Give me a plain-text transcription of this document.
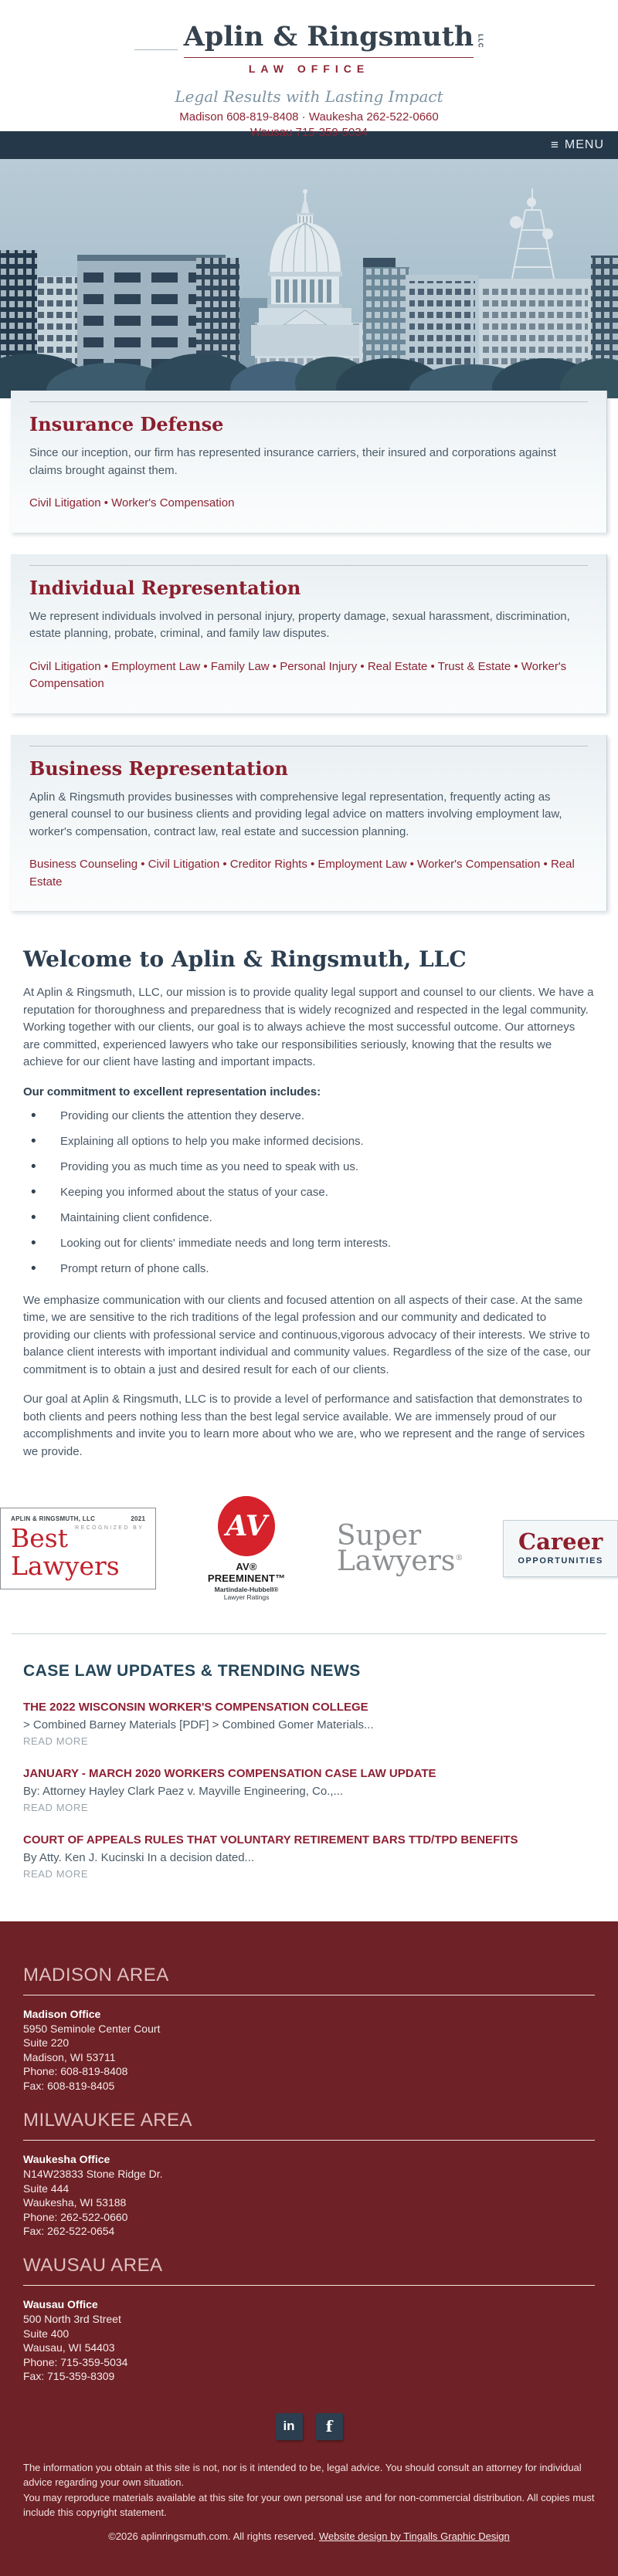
Aplin & Ringsmuth LLC
LAW OFFICE
Legal Results with Lasting Impact
Madison 608-819-8408 · Waukesha 262-522-0660
Wausau 715-359-5034
≡ MENU
Insurance Defense

Since our inception, our firm has represented insurance carriers, their insured and corporations against claims brought against them.

Civil Litigation • Worker's Compensation
Individual Representation

We represent individuals involved in personal injury, property damage, sexual harassment, discrimination, estate planning, probate, criminal, and family law disputes.

Civil Litigation • Employment Law • Family Law • Personal Injury • Real Estate • Trust & Estate • Worker's Compensation
Business Representation

Aplin & Ringsmuth provides businesses with comprehensive legal representation, frequently acting as general counsel to our business clients and providing legal advice on matters involving employment law, worker's compensation, contract law, real estate and succession planning.

Business Counseling • Civil Litigation • Creditor Rights • Employment Law • Worker's Compensation • Real Estate
Welcome to Aplin & Ringsmuth, LLC

At Aplin & Ringsmuth, LLC, our mission is to provide quality legal support and counsel to our clients. We have a reputation for thoroughness and preparedness that is widely recognized and respected in the legal community. Working together with our clients, our goal is to always achieve the most successful outcome. Our attorneys are committed, experienced lawyers who take our responsibilities seriously, knowing that the results we achieve for our client have lasting and important impacts.

Our commitment to excellent representation includes:
• Providing our clients the attention they deserve.
• Explaining all options to help you make informed decisions.
• Providing you as much time as you need to speak with us.
• Keeping you informed about the status of your case.
• Maintaining client confidence.
• Looking out for clients' immediate needs and long term interests.
• Prompt return of phone calls.

We emphasize communication with our clients and focused attention on all aspects of their case. At the same time, we are sensitive to the rich traditions of the legal profession and our community and dedicated to providing our clients with professional service and continuous,vigorous advocacy of their interests. We strive to balance client interests with important individual and community values. Regardless of the size of the case, our commitment is to obtain a just and desired result for each of our clients.

Our goal at Aplin & Ringsmuth, LLC is to provide a level of performance and satisfaction that demonstrates to both clients and peers nothing less than the best legal service available. We are immensely proud of our accomplishments and invite you to learn more about who we are, who we represent and the range of services we provide.

APLIN & RINGSMUTH, LLC	2021
RECOGNIZED BY
Best Lawyers
AV
AV® PREEMINENT™
Martindale-Hubbell®
Lawyer Ratings
Super
Lawyers®
Career
OPPORTUNITIES
CASE LAW UPDATES & TRENDING NEWS
THE 2022 WISCONSIN WORKER'S COMPENSATION COLLEGE
> Combined Barney Materials [PDF] > Combined Gomer Materials...
READ MORE
JANUARY - MARCH 2020 WORKERS COMPENSATION CASE LAW UPDATE
By: Attorney Hayley Clark Paez v. Mayville Engineering, Co.,...
READ MORE
COURT OF APPEALS RULES THAT VOLUNTARY RETIREMENT BARS TTD/TPD BENEFITS
By Atty. Ken J. Kucinski In a decision dated...
READ MORE
MADISON AREA
Madison Office
5950 Seminole Center Court
Suite 220
Madison, WI 53711
Phone: 608-819-8408
Fax: 608-819-8405
MILWAUKEE AREA
Waukesha Office
N14W23833 Stone Ridge Dr.
Suite 444
Waukesha, WI 53188
Phone: 262-522-0660
Fax: 262-522-0654
WAUSAU AREA
Wausau Office
500 North 3rd Street
Suite 400
Wausau, WI 54403
Phone: 715-359-5034
Fax: 715-359-8309
in	f
The information you obtain at this site is not, nor is it intended to be, legal advice. You should consult an attorney for individual advice regarding your own situation.
You may reproduce materials available at this site for your own personal use and for non-commercial distribution. All copies must include this copyright statement.
©2026 aplinringsmuth.com. All rights reserved. Website design by Tingalls Graphic Design
